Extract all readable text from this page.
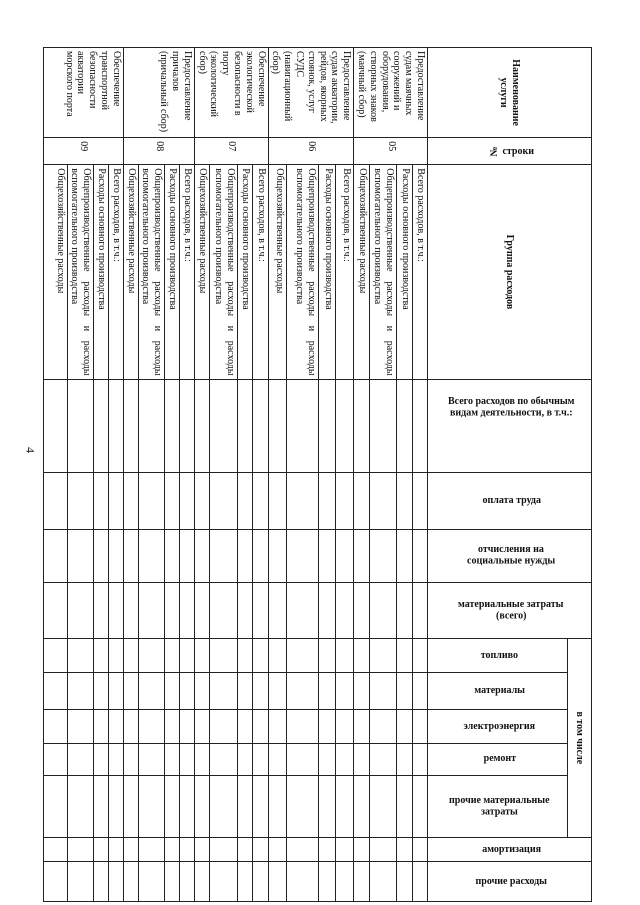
4
Наименование услуги	№ строки	Группа расходов	Всего расходов по обычным видам деятельности, в т.ч.:	оплата труда	отчисления на социальные нужды	материальные затраты (всего)	в том числе					амортизация	прочие расходы
							топливо	материалы	электроэнергия	ремонт	прочие материальные затраты		
Предоставление судам маячных сооружений и оборудования, створных знаков (маячный сбор)	05	Всего расходов, в т.ч.:											
		Расходы основного производства											
		Общепроизводственные расходы и расходы вспомогательного производства											
		Общехозяйственные расходы											
Предоставление судам акватории, рейдов, якорных стоянок, услуг СУДС (навигационный сбор)	06	Всего расходов, в т.ч.:											
		Расходы основного производства											
		Общепроизводственные расходы и расходы вспомогательного производства											
		Общехозяйственные расходы											
Обеспечение экологической безопасности в порту (экологический сбор)	07	Всего расходов, в т.ч.:											
		Расходы основного производства											
		Общепроизводственные расходы и расходы вспомогательного производства											
		Общехозяйственные расходы											
Предоставление причалов (причальный сбор)	08	Всего расходов, в т.ч.:											
		Расходы основного производства											
		Общепроизводственные расходы и расходы вспомогательного производства											
		Общехозяйственные расходы											
Обеспечение транспортной безопасности акватории морского порта	09	Всего расходов, в т.ч.:											
		Расходы основного производства											
		Общепроизводственные расходы и расходы вспомогательного производства											
		Общехозяйственные расходы											
